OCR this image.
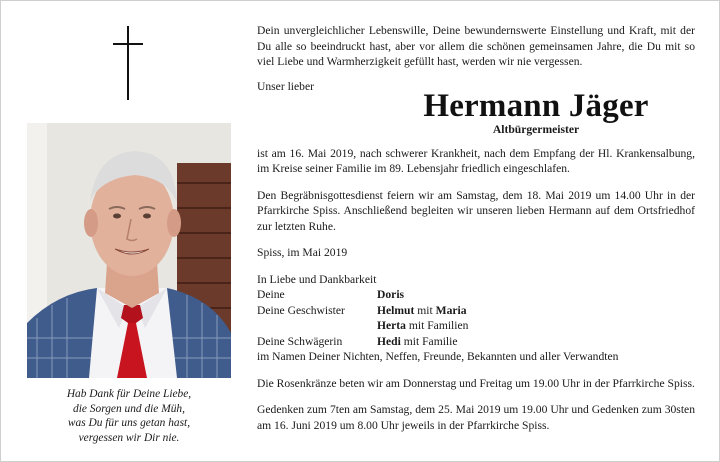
Hab Dank für Deine Liebe,
die Sorgen und die Müh,
was Du für uns getan hast,
vergessen wir Dir nie.

Dein unvergleichlicher Lebenswille, Deine bewundernswerte Einstellung und Kraft, mit der Du alle so beeindruckt hast, aber vor allem die schönen gemeinsamen Jahre, die Du mit so viel Liebe und Warmherzigkeit gefüllt hast, werden wir nie vergessen.

Unser lieber
Hermann Jäger
Altbürgermeister

ist am 16. Mai 2019, nach schwerer Krankheit, nach dem Empfang der Hl. Krankensalbung, im Kreise seiner Familie im 89. Lebensjahr friedlich eingeschlafen.

Den Begräbnisgottesdienst feiern wir am Samstag, dem 18. Mai 2019 um 14.00 Uhr in der Pfarrkirche Spiss. Anschließend begleiten wir unseren lieben Hermann auf dem Ortsfriedhof zur letzten Ruhe.

Spiss, im Mai 2019

In Liebe und Dankbarkeit

Deine	Doris
Deine Geschwister	Helmut mit Maria
Herta mit Familien
Deine Schwägerin	Hedi mit Familie
im Namen Deiner Nichten, Neffen, Freunde, Bekannten und aller Verwandten

Die Rosenkränze beten wir am Donnerstag und Freitag um 19.00 Uhr in der Pfarrkirche Spiss.

Gedenken zum 7ten am Samstag, dem 25. Mai 2019 um 19.00 Uhr und Gedenken zum 30sten am 16. Juni 2019 um 8.00 Uhr jeweils in der Pfarrkirche Spiss.
